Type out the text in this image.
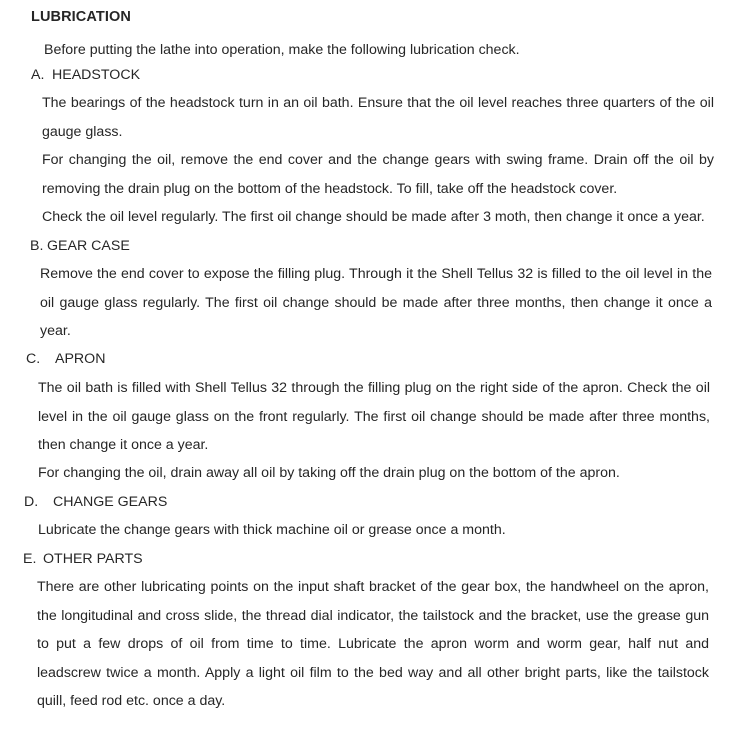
LUBRICATION
Before putting the lathe into operation, make the following lubrication check.
A. HEADSTOCK
The bearings of the headstock turn in an oil bath. Ensure that the oil level reaches three quarters of the oil gauge glass.
For changing the oil, remove the end cover and the change gears with swing frame. Drain off the oil by removing the drain plug on the bottom of the headstock. To fill, take off the headstock cover.
Check the oil level regularly. The first oil change should be made after 3 moth, then change it once a year.
B. GEAR CASE
Remove the end cover to expose the filling plug. Through it the Shell Tellus 32 is filled to the oil level in the oil gauge glass regularly. The first oil change should be made after three months, then change it once a year.
C. APRON
The oil bath is filled with Shell Tellus 32 through the filling plug on the right side of the apron. Check the oil level in the oil gauge glass on the front regularly. The first oil change should be made after three months, then change it once a year.
For changing the oil, drain away all oil by taking off the drain plug on the bottom of the apron.
D. CHANGE GEARS
Lubricate the change gears with thick machine oil or grease once a month.
E. OTHER PARTS
There are other lubricating points on the input shaft bracket of the gear box, the handwheel on the apron, the longitudinal and cross slide, the thread dial indicator, the tailstock and the bracket, use the grease gun to put a few drops of oil from time to time. Lubricate the apron worm and worm gear, half nut and leadscrew twice a month. Apply a light oil film to the bed way and all other bright parts, like the tailstock quill, feed rod etc. once a day.
